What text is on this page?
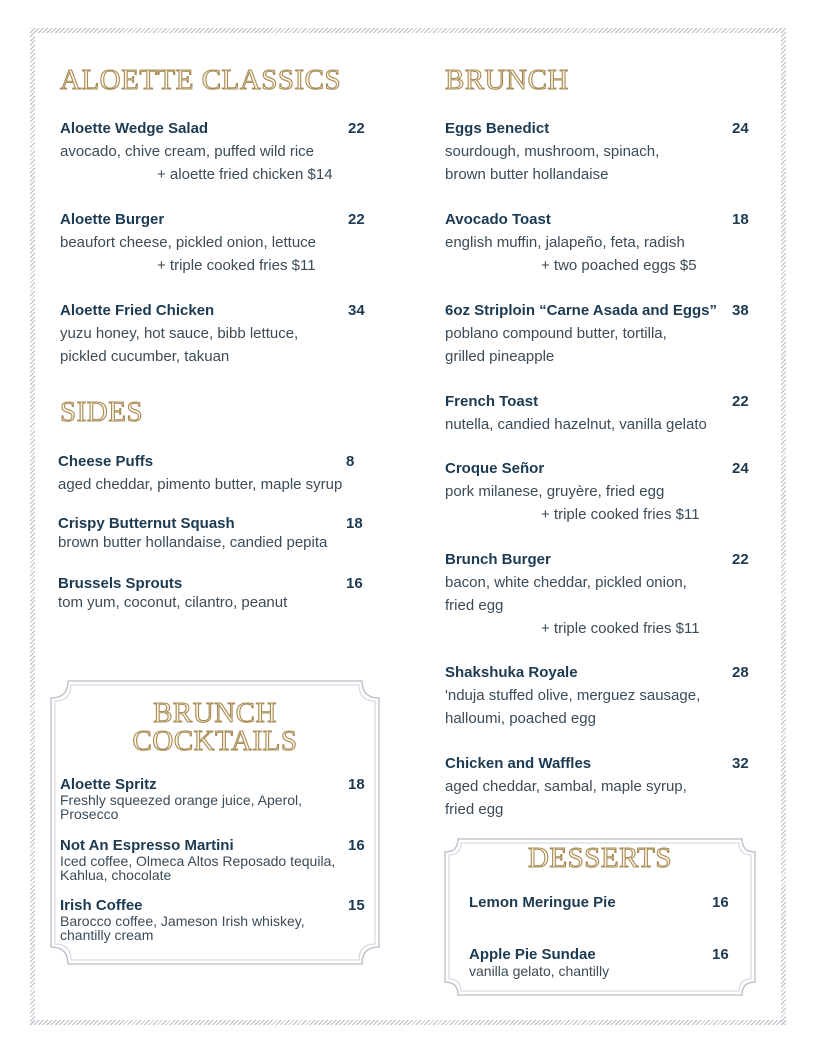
ALOETTE CLASSICS
Aloette Wedge Salad	22
avocado, chive cream, puffed wild rice
+ aloette fried chicken $14
Aloette Burger	22
beaufort cheese, pickled onion, lettuce
+ triple cooked fries $11
Aloette Fried Chicken	34
yuzu honey, hot sauce, bibb lettuce,
pickled cucumber, takuan
SIDES
Cheese Puffs	8
aged cheddar, pimento butter, maple syrup
Crispy Butternut Squash	18
brown butter hollandaise, candied pepita
Brussels Sprouts	16
tom yum, coconut, cilantro, peanut
BRUNCH
COCKTAILS
Aloette Spritz	18
Freshly squeezed orange juice, Aperol,
Prosecco
Not An Espresso Martini	16
Iced coffee, Olmeca Altos Reposado tequila,
Kahlua, chocolate
Irish Coffee	15
Barocco coffee, Jameson Irish whiskey,
chantilly cream
BRUNCH
Eggs Benedict	24
sourdough, mushroom, spinach,
brown butter hollandaise
Avocado Toast	18
english muffin, jalapeño, feta, radish
+ two poached eggs $5
6oz Striploin “Carne Asada and Eggs” 38
poblano compound butter, tortilla,
grilled pineapple
French Toast	22
nutella, candied hazelnut, vanilla gelato
Croque Señor	24
pork milanese, gruyère, fried egg
+ triple cooked fries $11
Brunch Burger	22
bacon, white cheddar, pickled onion,
fried egg
+ triple cooked fries $11
Shakshuka Royale	28
'nduja stuffed olive, merguez sausage,
halloumi, poached egg
Chicken and Waffles	32
aged cheddar, sambal, maple syrup,
fried egg
DESSERTS
Lemon Meringue Pie	16
Apple Pie Sundae	16
vanilla gelato, chantilly
